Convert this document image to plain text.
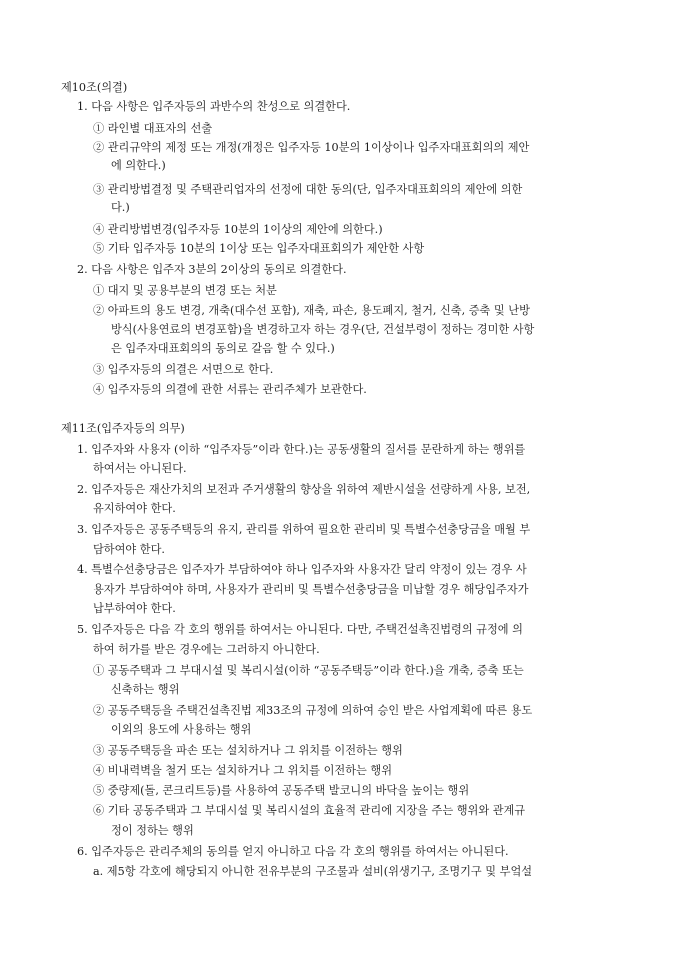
제10조(의결)
1. 다음 사항은 입주자등의 과반수의 찬성으로 의결한다.
① 라인별 대표자의 선출
② 관리규약의 제정 또는 개정(개정은 입주자등 10분의 1이상이나 입주자대표회의의 제안
에 의한다.)
③ 관리방법결정 및 주택관리업자의 선정에 대한 동의(단, 입주자대표회의의 제안에 의한
다.)
④ 관리방법변경(입주자등 10분의 1이상의 제안에 의한다.)
⑤ 기타 입주자등 10분의 1이상 또는 입주자대표회의가 제안한 사항
2. 다음 사항은 입주자 3분의 2이상의 동의로 의결한다.
① 대지 및 공용부분의 변경 또는 처분
② 아파트의 용도 변경, 개축(대수선 포함), 재축, 파손, 용도폐지, 철거, 신축, 증축 및 난방
방식(사용연료의 변경포함)을 변경하고자 하는 경우(단, 건설부령이 정하는 경미한 사항
은 입주자대표회의의 동의로 갈음 할 수 있다.)
③ 입주자등의 의결은 서면으로 한다.
④ 입주자등의 의결에 관한 서류는 관리주체가 보관한다.
제11조(입주자등의 의무)
1. 입주자와 사용자 (이하 “입주자등”이라 한다.)는 공동생활의 질서를 문란하게 하는 행위를
하여서는 아니된다.
2. 입주자등은 재산가치의 보전과 주거생활의 향상을 위하여 제반시설을 선량하게 사용, 보전,
유지하여야 한다.
3. 입주자등은 공동주택등의 유지, 관리를 위하여 필요한 관리비 및 특별수선충당금을 매월 부
담하여야 한다.
4. 특별수선충당금은 입주자가 부담하여야 하나 입주자와 사용자간 달리 약정이 있는 경우 사
용자가 부담하여야 하며, 사용자가 관리비 및 특별수선충당금을 미납할 경우 해당입주자가
납부하여야 한다.
5. 입주자등은 다음 각 호의 행위를 하여서는 아니된다. 다만, 주택건설촉진법령의 규정에 의
하여 허가를 받은 경우에는 그러하지 아니한다.
① 공동주택과 그 부대시설 및 복리시설(이하 “공동주택등”이라 한다.)을 개축, 증축 또는
신축하는 행위
② 공동주택등을 주택건설촉진법 제33조의 규정에 의하여 승인 받은 사업계획에 따른 용도
이외의 용도에 사용하는 행위
③ 공동주택등을 파손 또는 설치하거나 그 위치를 이전하는 행위
④ 비내력벽을 철거 또는 설치하거나 그 위치를 이전하는 행위
⑤ 중량제(돌, 콘크리트등)를 사용하여 공동주택 발코니의 바닥을 높이는 행위
⑥ 기타 공동주택과 그 부대시설 및 복리시설의 효율적 관리에 지장을 주는 행위와 관계규
정이 정하는 행위
6. 입주자등은 관리주체의 동의를 얻지 아니하고 다음 각 호의 행위를 하여서는 아니된다.
a. 제5항 각호에 해당되지 아니한 전유부분의 구조물과 설비(위생기구, 조명기구 및 부엌설
